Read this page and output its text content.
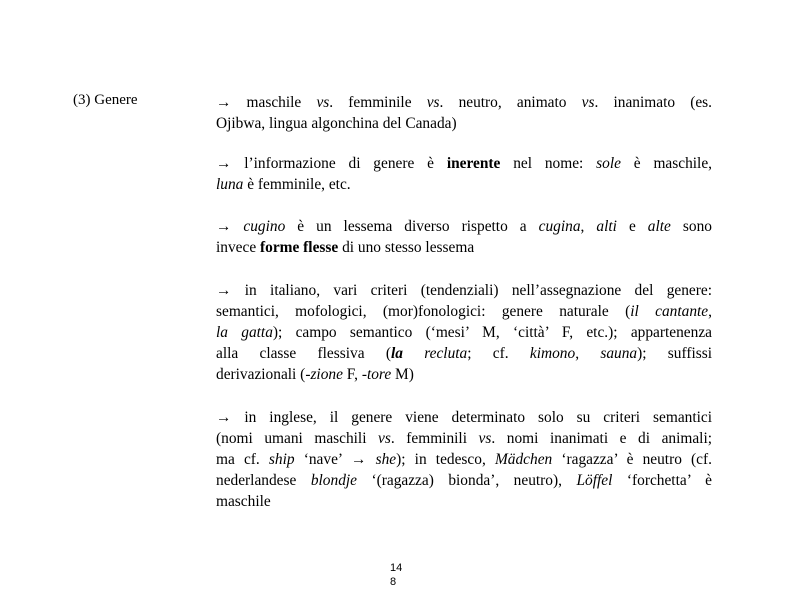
(3) Genere	→ maschile vs. femminile vs. neutro, animato vs. inanimato (es.
Ojibwa, lingua algonchina del Canada)
→ l’informazione di genere è inerente nel nome: sole è maschile,
luna è femminile, etc.
→ cugino è un lessema diverso rispetto a cugina, alti e alte sono
invece forme flesse di uno stesso lessema
→ in italiano, vari criteri (tendenziali) nell’assegnazione del genere:
semantici, mofologici, (mor)fonologici: genere naturale (il cantante,
la gatta); campo semantico (‘mesi’ M, ‘città’ F, etc.); appartenenza
alla classe flessiva (la recluta; cf. kimono, sauna); suffissi
derivazionali (-zione F, -tore M)
→ in inglese, il genere viene determinato solo su criteri semantici
(nomi umani maschili vs. femminili vs. nomi inanimati e di animali;
ma cf. ship ‘nave’ → she); in tedesco, Mädchen ‘ragazza’ è neutro (cf.
nederlandese blondje ‘(ragazza) bionda’, neutro), Löffel ‘forchetta’ è
maschile
14
8
